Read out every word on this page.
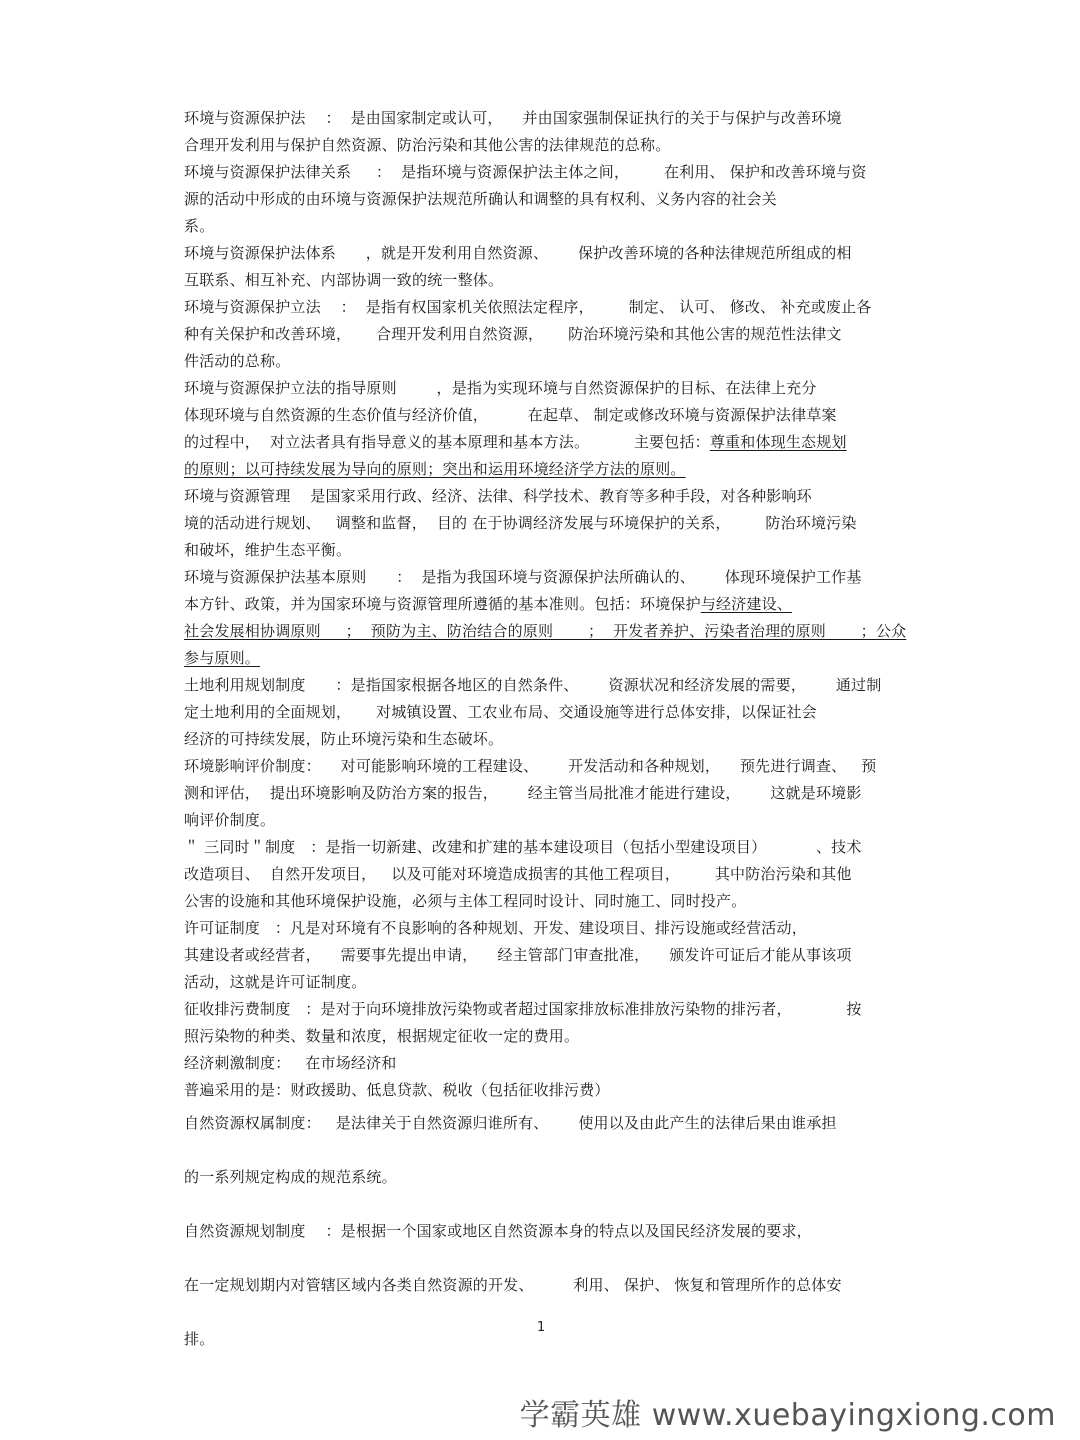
环境与资源保护法    ：  是由国家制定或认可，    并由国家强制保证执行的关于与保护与改善环境
合理开发利用与保护自然资源、防治污染和其他公害的法律规范的总称。
环境与资源保护法律关系     ：  是指环境与资源保护法主体之间，       在利用、 保护和改善环境与资
源的活动中形成的由环境与资源保护法规范所确认和调整的具有权利、义务内容的社会关
系。
环境与资源保护法体系      ，就是开发利用自然资源、      保护改善环境的各种法律规范所组成的相
互联系、相互补充、内部协调一致的统一整体。
环境与资源保护立法    ：  是指有权国家机关依照法定程序，       制定、 认可、 修改、 补充或废止各
种有关保护和改善环境，     合理开发利用自然资源，     防治环境污染和其他公害的规范性法律文
件活动的总称。
环境与资源保护立法的指导原则        ，是指为实现环境与自然资源保护的目标、在法律上充分
体现环境与自然资源的生态价值与经济价值，        在起草、 制定或修改环境与资源保护法律草案
的过程中，  对立法者具有指导意义的基本原理和基本方法。         主要包括：尊重和体现生态规划
的原则；以可持续发展为导向的原则；突出和运用环境经济学方法的原则。
环境与资源管理    是国家采用行政、经济、法律、科学技术、教育等多种手段，对各种影响环
境的活动进行规划、   调整和监督，  目的 在于协调经济发展与环境保护的关系，       防治环境污染
和破坏，维护生态平衡。
环境与资源保护法基本原则      ：  是指为我国环境与资源保护法所确认的、      体现环境保护工作基
本方针、政策，并为国家环境与资源管理所遵循的基本准则。包括：环境保护与经济建设、
社会发展相协调原则     ；  预防为主、防治结合的原则       ；  开发者养护、污染者治理的原则       ；公众
参与原则。
土地利用规划制度      ：是指国家根据各地区的自然条件、      资源状况和经济发展的需要，      通过制
定土地利用的全面规划，     对城镇设置、工农业布局、交通设施等进行总体安排，以保证社会
经济的可持续发展，防止环境污染和生态破坏。
环境影响评价制度：    对可能影响环境的工程建设、      开发活动和各种规划，    预先进行调查、   预
测和评估，  提出环境影响及防治方案的报告，      经主管当局批准才能进行建设，      这就是环境影
响评价制度。
＂ 三同时＂制度   ：是指一切新建、改建和扩建的基本建设项目（包括小型建设项目）          、技术
改造项目、  自然开发项目，   以及可能对环境造成损害的其他工程项目，       其中防治污染和其他
公害的设施和其他环境保护设施，必须与主体工程同时设计、同时施工、同时投产。
许可证制度   ：凡是对环境有不良影响的各种规划、开发、建设项目、排污设施或经营活动，
其建设者或经营者，    需要事先提出申请，    经主管部门审查批准，    颁发许可证后才能从事该项
活动，这就是许可证制度。
征收排污费制度   ：是对于向环境排放污染物或者超过国家排放标准排放污染物的排污者，           按
照污染物的种类、数量和浓度，根据规定征收一定的费用。
经济刺激制度：   在市场经济和
普遍采用的是：财政援助、低息贷款、税收（包括征收排污费）
自然资源权属制度：   是法律关于自然资源归谁所有、      使用以及由此产生的法律后果由谁承担
的一系列规定构成的规范系统。
自然资源规划制度    ：是根据一个国家或地区自然资源本身的特点以及国民经济发展的要求，
在一定规划期内对管辖区域内各类自然资源的开发、        利用、 保护、 恢复和管理所作的总体安
排。
1
学霸英雄 www.xuebayingxiong.com
